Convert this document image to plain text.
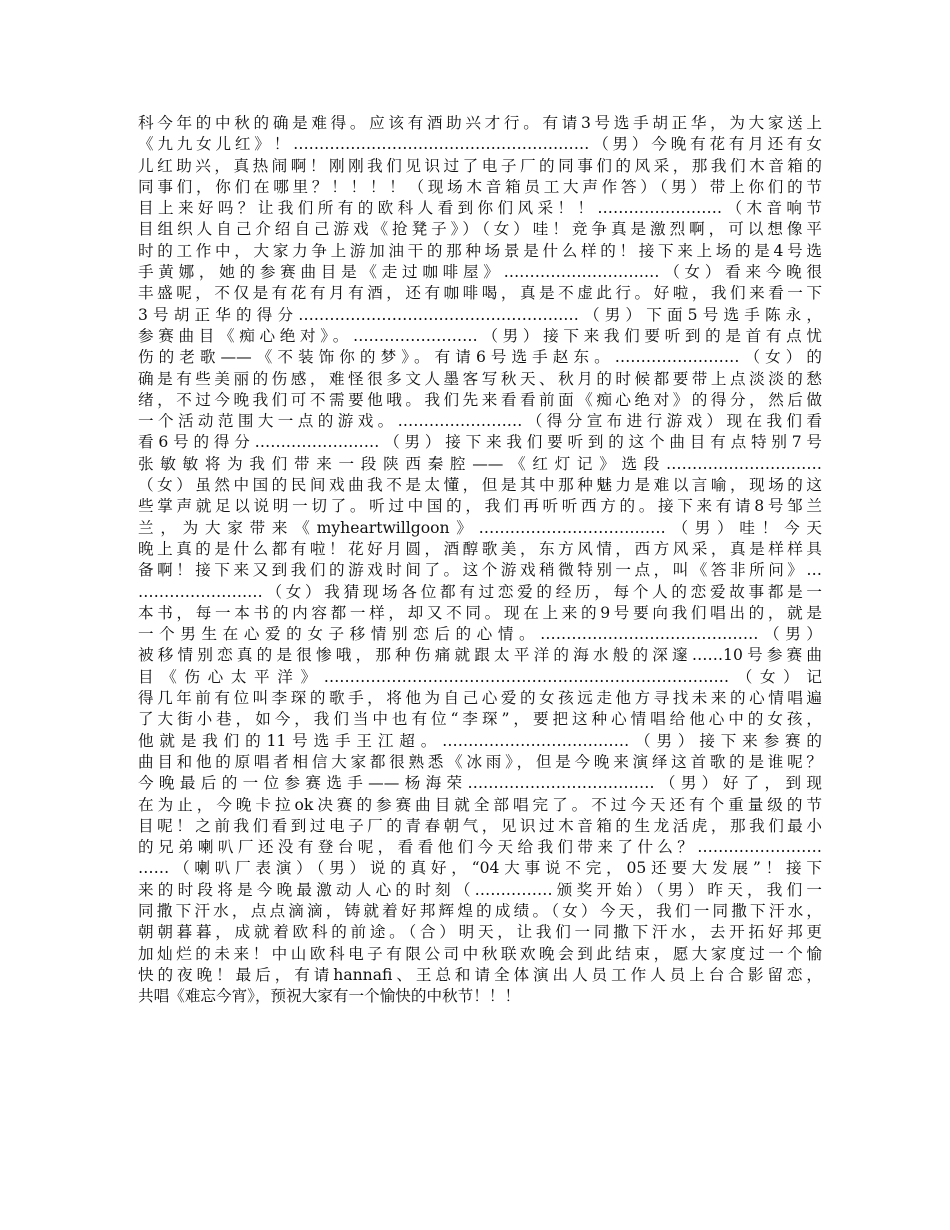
科今年的中秋的确是难得。应该有酒助兴才行。有请3号选手胡正华，为大家送上
《九九女儿红》！…………………………………………………（男）今晚有花有月还有女
儿红助兴，真热闹啊！刚刚我们见识过了电子厂的同事们的风采，那我们木音箱的
同事们，你们在哪里？！！！！（现场木音箱员工大声作答）（男）带上你们的节
目上来好吗？让我们所有的欧科人看到你们风采！！……………………（木音响节
目组织人自己介绍自己游戏《抢凳子》）（女）哇！竞争真是激烈啊，可以想像平
时的工作中，大家力争上游加油干的那种场景是什么样的！接下来上场的是4号选
手黄娜，她的参赛曲目是《走过咖啡屋》…………………………（女）看来今晚很
丰盛呢，不仅是有花有月有酒，还有咖啡喝，真是不虚此行。好啦，我们来看一下
3号胡正华的得分………………………………………………（男）下面5号选手陈永，
参赛曲目《痴心绝对》。……………………（男）接下来我们要听到的是首有点忧
伤的老歌——《不装饰你的梦》。有请6号选手赵东。……………………（女）的
确是有些美丽的伤感，难怪很多文人墨客写秋天、秋月的时候都要带上点淡淡的愁
绪，不过今晚我们可不需要他哦。我们先来看看前面《痴心绝对》的得分，然后做
一个活动范围大一点的游戏。……………………（得分宣布进行游戏）现在我们看
看6号的得分……………………（男）接下来我们要听到的这个曲目有点特别7号
张敏敏将为我们带来一段陕西秦腔——《红灯记》选段…………………………
（女）虽然中国的民间戏曲我不是太懂，但是其中那种魅力是难以言喻，现场的这
些掌声就足以说明一切了。听过中国的，我们再听听西方的。接下来有请8号邹兰
兰，为大家带来《myheartwillgoon》………………………………（男）哇！今天
晚上真的是什么都有啦！花好月圆，酒醇歌美，东方风情，西方风采，真是样样具
备啊！接下来又到我们的游戏时间了。这个游戏稍微特别一点，叫《答非所问》…
……………………（女）我猜现场各位都有过恋爱的经历，每个人的恋爱故事都是一
本书，每一本书的内容都一样，却又不同。现在上来的9号要向我们唱出的，就是
一个男生在心爱的女子移情别恋后的心情。……………………………………（男）
被移情别恋真的是很惨哦，那种伤痛就跟太平洋的海水般的深邃……10号参赛曲
目《伤心太平洋》……………………………………………………………………（女）记
得几年前有位叫李琛的歌手，将他为自己心爱的女孩远走他方寻找未来的心情唱遍
了大街小巷，如今，我们当中也有位“李琛”，要把这种心情唱给他心中的女孩，
他就是我们的11号选手王江超。………………………………（男）接下来参赛的
曲目和他的原唱者相信大家都很熟悉《冰雨》，但是今晚来演绎这首歌的是谁呢？
今晚最后的一位参赛选手——杨海荣………………………………（男）好了，到现
在为止，今晚卡拉ok决赛的参赛曲目就全部唱完了。不过今天还有个重量级的节
目呢！之前我们看到过电子厂的青春朝气，见识过木音箱的生龙活虎，那我们最小
的兄弟喇叭厂还没有登台呢，看看他们今天给我们带来了什么？……………………
……（喇叭厂表演）（男）说的真好，“04大事说不完，05还要大发展”！接下
来的时段将是今晚最激动人心的时刻（……………颁奖开始）（男）昨天，我们一
同撒下汗水，点点滴滴，铸就着好邦辉煌的成绩。（女）今天，我们一同撒下汗水，
朝朝暮暮，成就着欧科的前途。（合）明天，让我们一同撒下汗水，去开拓好邦更
加灿烂的未来！中山欧科电子有限公司中秋联欢晚会到此结束，愿大家度过一个愉
快的夜晚！最后，有请hannafi、王总和请全体演出人员工作人员上台合影留恋，
共唱《难忘今宵》，预祝大家有一个愉快的中秋节！！！
